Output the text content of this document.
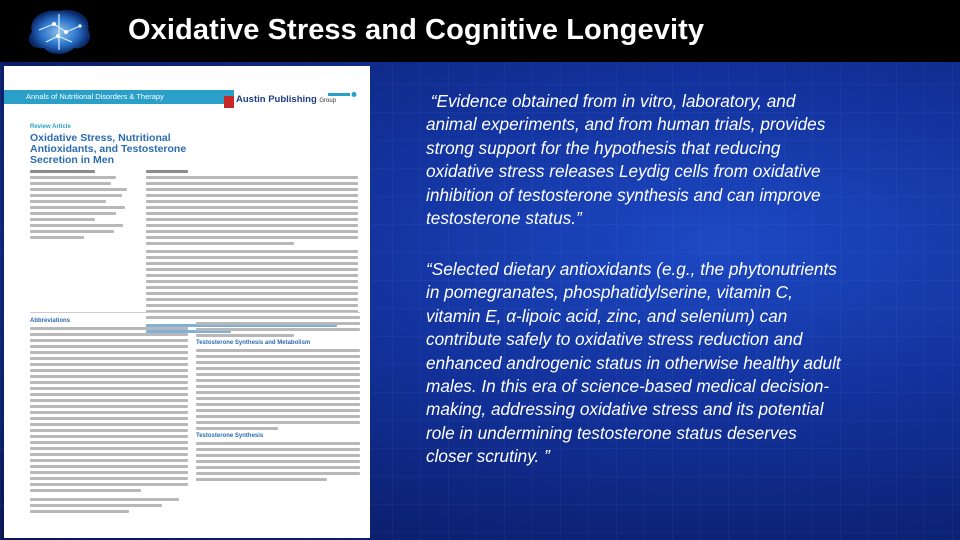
Oxidative Stress and Cognitive Longevity
Annals of Nutritional Disorders & Therapy	Austin Publishing Group
Review Article
Oxidative Stress, Nutritional Antioxidants, and Testosterone Secretion in Men
Abbreviations
Testosterone Synthesis and Metabolism
Testosterone Synthesis
“Evidence obtained from in vitro, laboratory, and animal experiments, and from human trials, provides strong support for the hypothesis that reducing oxidative stress releases Leydig cells from oxidative inhibition of testosterone synthesis and can improve testosterone status.”
“Selected dietary antioxidants (e.g., the phytonutrients in pomegranates, phosphatidylserine, vitamin C, vitamin E, α-lipoic acid, zinc, and selenium) can contribute safely to oxidative stress reduction and enhanced androgenic status in otherwise healthy adult males. In this era of science-based medical decision-making, addressing oxidative stress and its potential role in undermining testosterone status deserves closer scrutiny. ”
